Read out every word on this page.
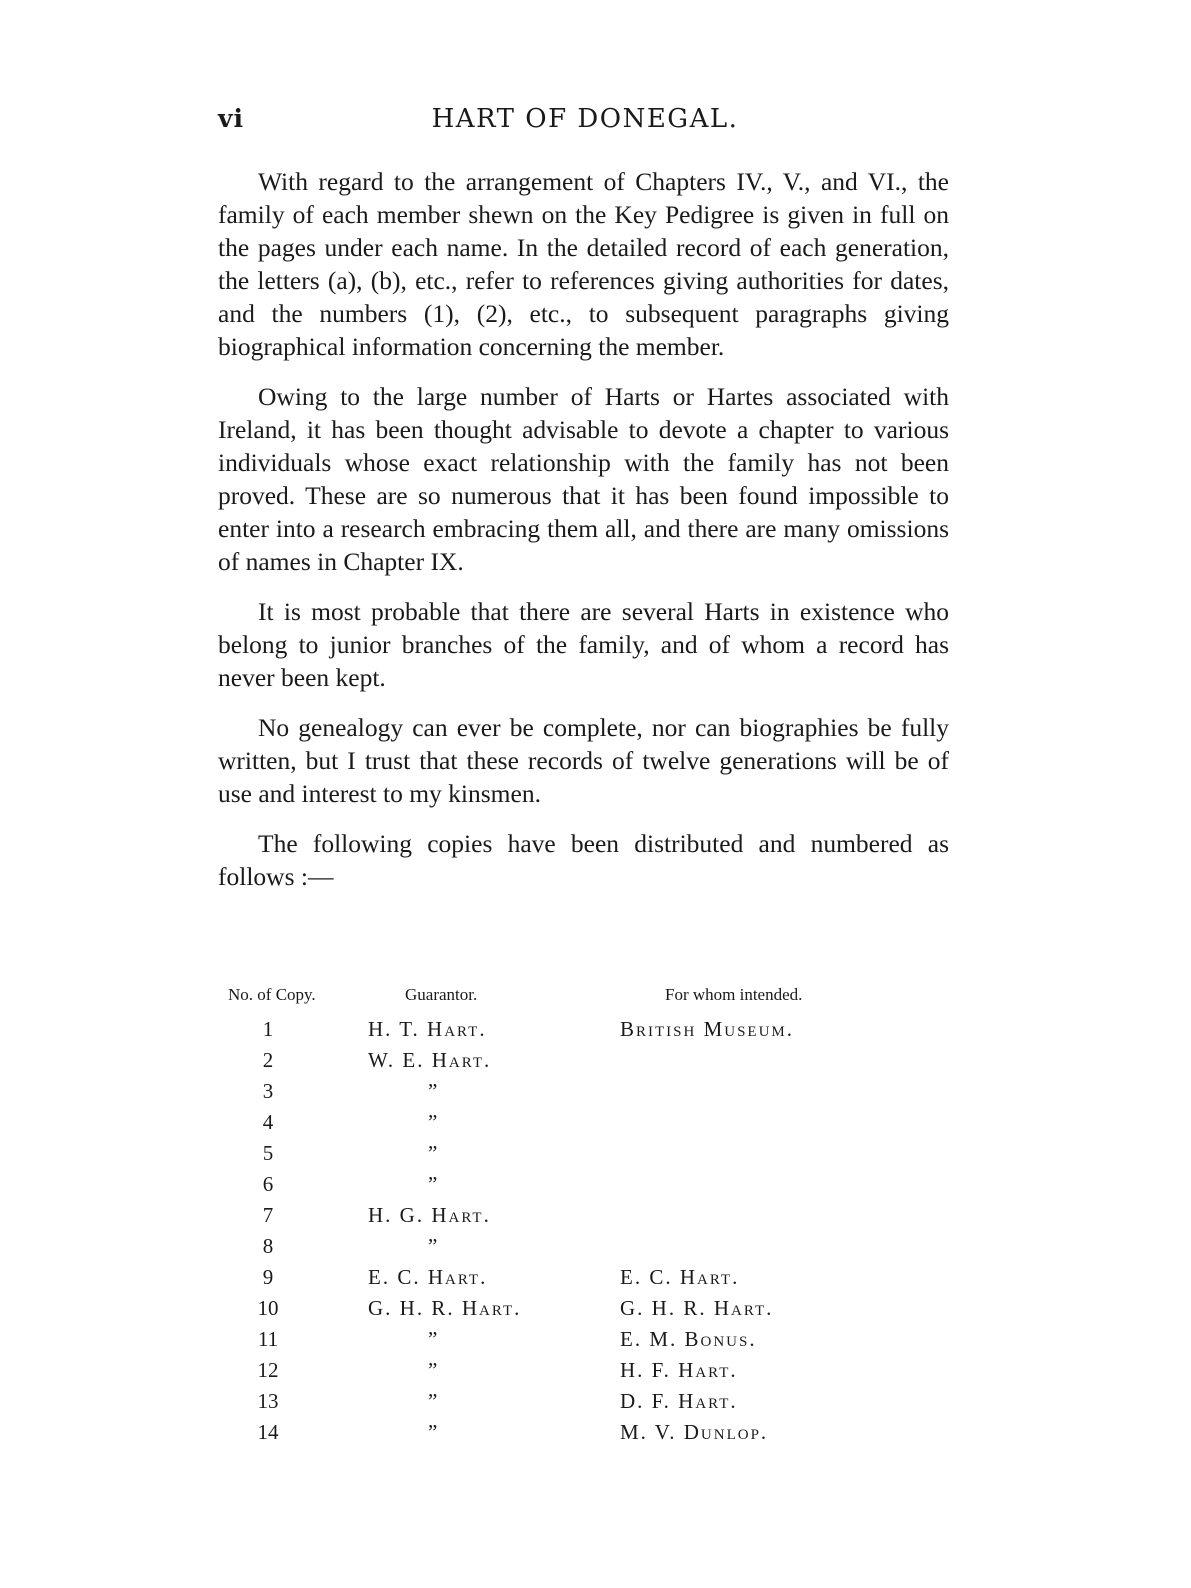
vi	HART OF DONEGAL.

With regard to the arrangement of Chapters IV., V., and VI., the family of each member shewn on the Key Pedigree is given in full on the pages under each name. In the detailed record of each generation, the letters (a), (b), etc., refer to references giving authorities for dates, and the numbers (1), (2), etc., to subsequent paragraphs giving biographical information concerning the member.

Owing to the large number of Harts or Hartes associated with Ireland, it has been thought advisable to devote a chapter to various individuals whose exact relationship with the family has not been proved. These are so numerous that it has been found impossible to enter into a research embracing them all, and there are many omissions of names in Chapter IX.

It is most probable that there are several Harts in existence who belong to junior branches of the family, and of whom a record has never been kept.

No genealogy can ever be complete, nor can biographies be fully written, but I trust that these records of twelve generations will be of use and interest to my kinsmen.

The following copies have been distributed and numbered as follows :—

No. of Copy.	Guarantor.	For whom intended.
1	H. T. Hart.	British Museum.
2	W. E. Hart.
3	”
4	”
5	”
6	”
7	H. G. Hart.
8	”
9	E. C. Hart.	E. C. Hart.
10	G. H. R. Hart.	G. H. R. Hart.
11	”	E. M. Bonus.
12	”	H. F. Hart.
13	”	D. F. Hart.
14	”	M. V. Dunlop.
